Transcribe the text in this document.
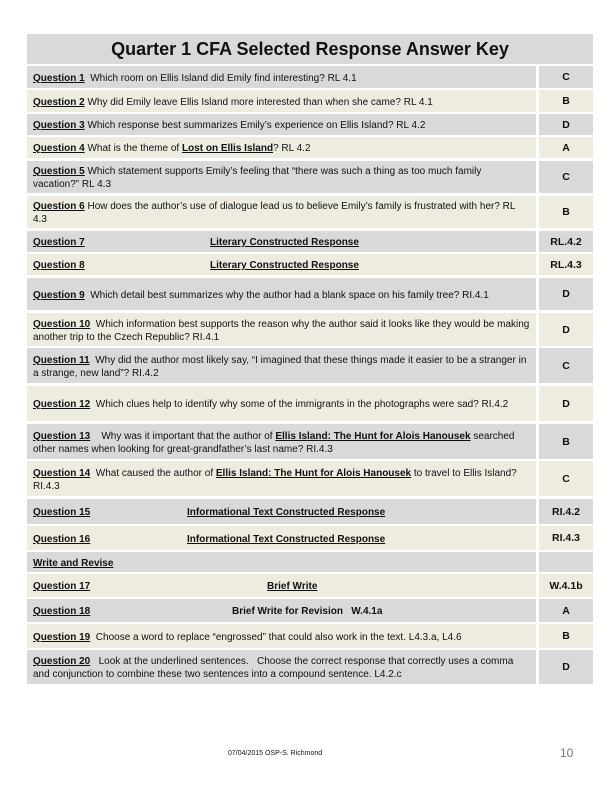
Quarter 1 CFA Selected Response Answer Key
Question 1  Which room on Ellis Island did Emily find interesting? RL 4.1	C
Question 2 Why did Emily leave Ellis Island more interested than when she came? RL 4.1	B
Question 3 Which response best summarizes Emily’s experience on Ellis Island? RL 4.2	D
Question 4 What is the theme of Lost on Ellis Island? RL 4.2	A
Question 5 Which statement supports Emily’s feeling that “there was such a thing as too much family vacation?” RL 4.3
C
Question 6 How does the author’s use of dialogue lead us to believe Emily’s family is frustrated with her? RL 4.3
B
Question 7	Literary Constructed Response	RL.4.2
Question 8	Literary Constructed Response	RL.4.3
Question 9  Which detail best summarizes why the author had a blank space on his family tree? RI.4.1	D
Question 10  Which information best supports the reason why the author said it looks like they would be making another trip to the Czech Republic? RI.4.1
D
Question 11  Why did the author most likely say, “I imagined that these things made it easier to be a stranger in a strange, new land”? RI.4.2
C
Question 12  Which clues help to identify why some of the immigrants in the photographs were sad? RI.4.2	D
Question 13    Why was it important that the author of Ellis Island: The Hunt for Alois Hanousek searched other names when looking for great-grandfather’s last name? RI.4.3
B
Question 14  What caused the author of Ellis Island: The Hunt for Alois Hanousek to travel to Ellis Island?  RI.4.3
C
Question 15	Informational Text Constructed Response	RI.4.2
Question 16	Informational Text Constructed Response	RI.4.3
Write and Revise
Question 17	Brief Write	W.4.1b
Question 18	Brief Write for Revision   W.4.1a	A
Question 19  Choose a word to replace “engrossed” that could also work in the text. L4.3.a, L4.6	B
Question 20   Look at the underlined sentences.   Choose the correct response that correctly uses a comma and conjunction to combine these two sentences into a compound sentence. L4.2.c
D
07/04/2015 OSP-S. Richmond	10
